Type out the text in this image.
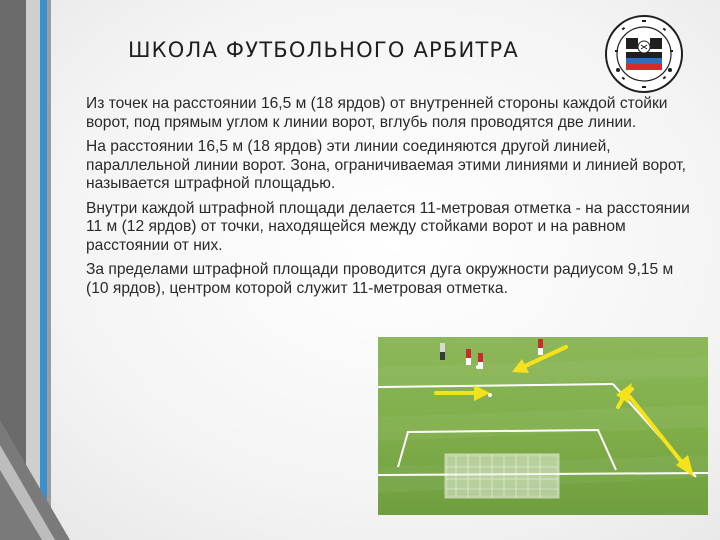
ШКОЛА ФУТБОЛЬНОГО АРБИТРА

Из точек на расстоянии 16,5 м (18 ярдов) от внутренней стороны каждой стойки ворот, под прямым углом к линии ворот, вглубь поля проводятся две линии.

На расстоянии 16,5 м (18 ярдов) эти линии соединяются другой линией, параллельной линии ворот. Зона, ограничиваемая этими линиями и линией ворот, называется штрафной площадью.

Внутри каждой штрафной площади делается 11-метровая отметка - на расстоянии 11 м (12 ярдов) от точки, находящейся между стойками ворот и на равном расстоянии от них.

За пределами штрафной площади проводится дуга окружности радиусом 9,15 м (10 ярдов), центром которой служит 11-метровая отметка.
